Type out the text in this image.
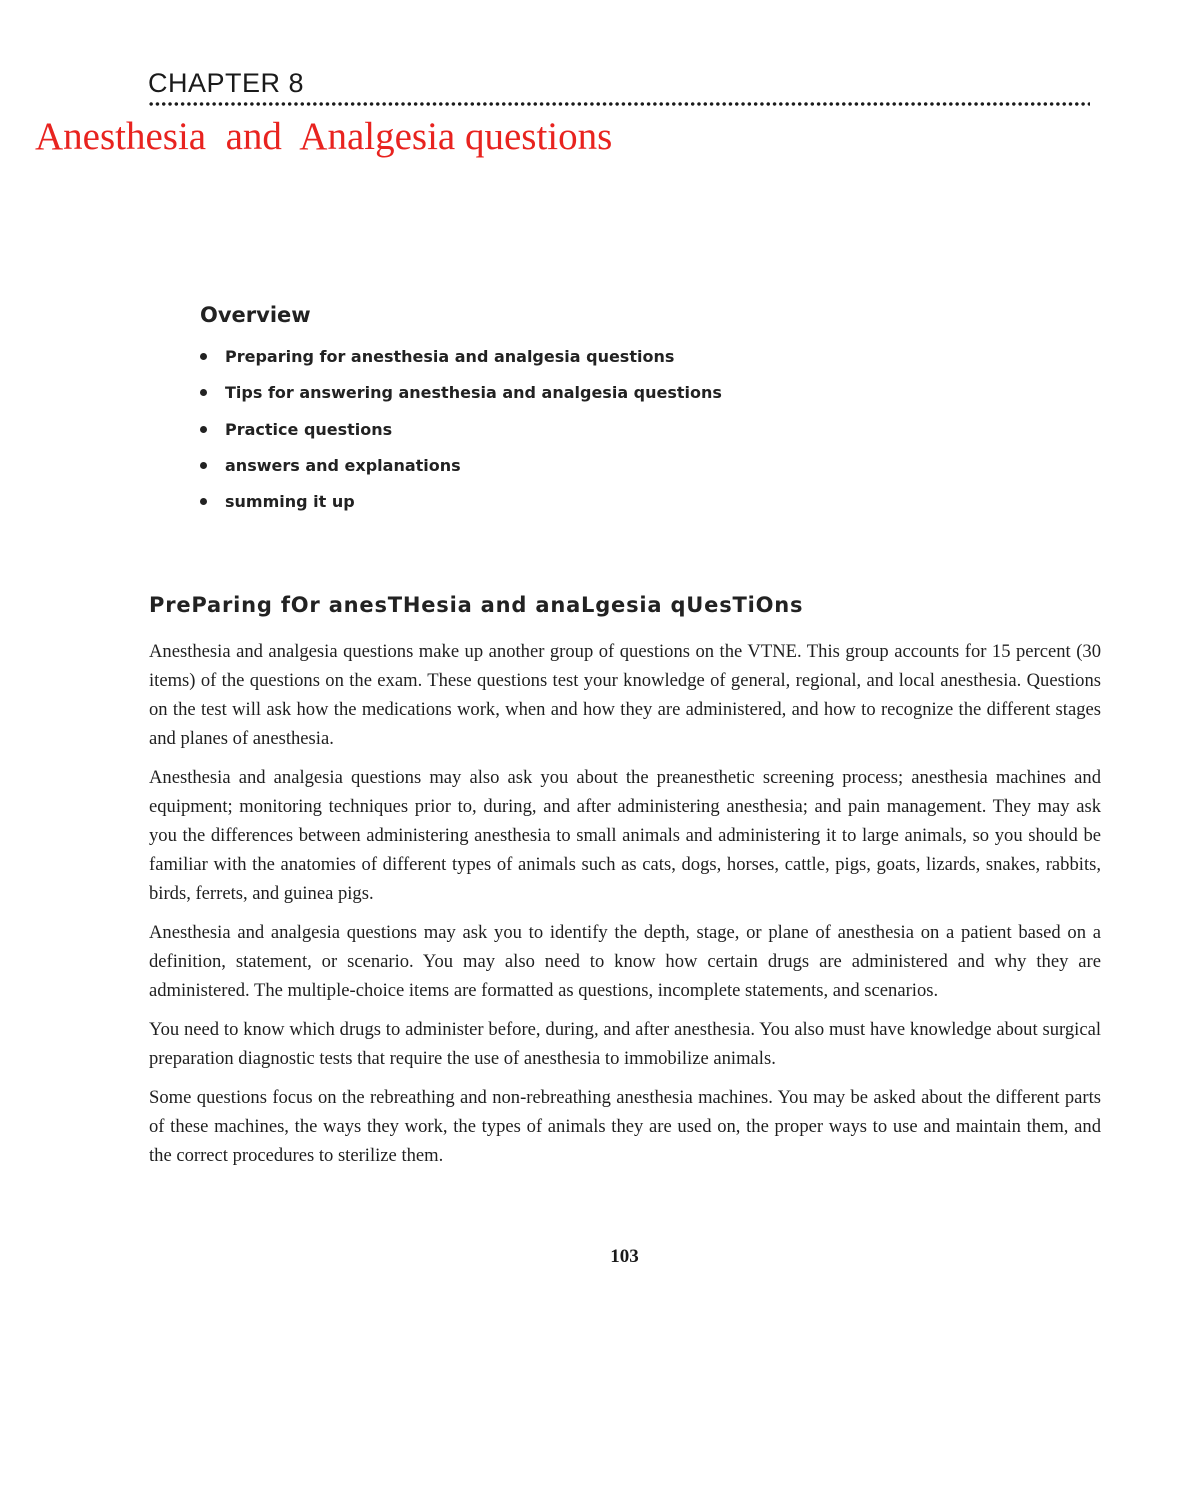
CHAPTER 8
Anesthesia  and  Analgesia questions
Overview
Preparing for anesthesia and analgesia questions
Tips for answering anesthesia and analgesia questions
Practice questions
answers and explanations
summing it up
PreParing fOr anesTHesia and anaLgesia qUesTiOns

Anesthesia and analgesia questions make up another group of questions on the VTNE. This group accounts for 15 percent (30 items) of the questions on the exam. These questions test your knowledge of general, regional, and local anesthesia. Questions on the test will ask how the medications work, when and how they are administered, and how to recognize the different stages and planes of anesthesia.

Anesthesia and analgesia questions may also ask you about the preanesthetic screening process; anesthesia machines and equipment; monitoring techniques prior to, during, and after administering anesthesia; and pain management. They may ask you the differences between administering anesthesia to small animals and administering it to large animals, so you should be familiar with the anatomies of different types of animals such as cats, dogs, horses, cattle, pigs, goats, lizards, snakes, rabbits, birds, ferrets, and guinea pigs.

Anesthesia and analgesia questions may ask you to identify the depth, stage, or plane of anesthesia on a patient based on a definition, statement, or scenario. You may also need to know how certain drugs are administered and why they are administered. The multiple-choice items are formatted as questions, incomplete statements, and scenarios.

You need to know which drugs to administer before, during, and after anesthesia. You also must have knowledge about surgical preparation diagnostic tests that require the use of anesthesia to immobilize animals.

Some questions focus on the rebreathing and non-rebreathing anesthesia machines. You may be asked about the different parts of these machines, the ways they work, the types of animals they are used on, the proper ways to use and maintain them, and the correct procedures to sterilize them.

103
